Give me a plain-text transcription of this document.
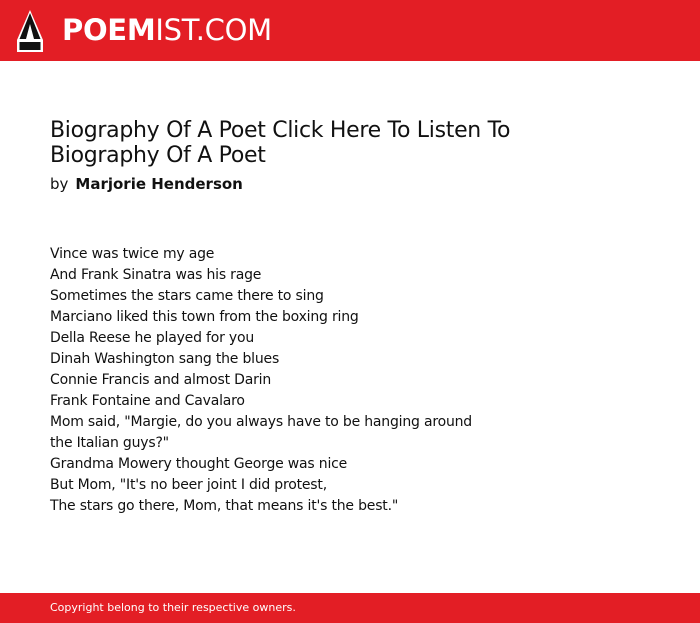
POEMIST.COM
Biography Of A Poet Click Here To Listen To
Biography Of A Poet
by Marjorie Henderson
Vince was twice my age
And Frank Sinatra was his rage
Sometimes the stars came there to sing
Marciano liked this town from the boxing ring
Della Reese he played for you
Dinah Washington sang the blues
Connie Francis and almost Darin
Frank Fontaine and Cavalaro
Mom said, "Margie, do you always have to be hanging around
the Italian guys?"
Grandma Mowery thought George was nice
But Mom, "It's no beer joint I did protest,
The stars go there, Mom, that means it's the best."
Copyright belong to their respective owners.
